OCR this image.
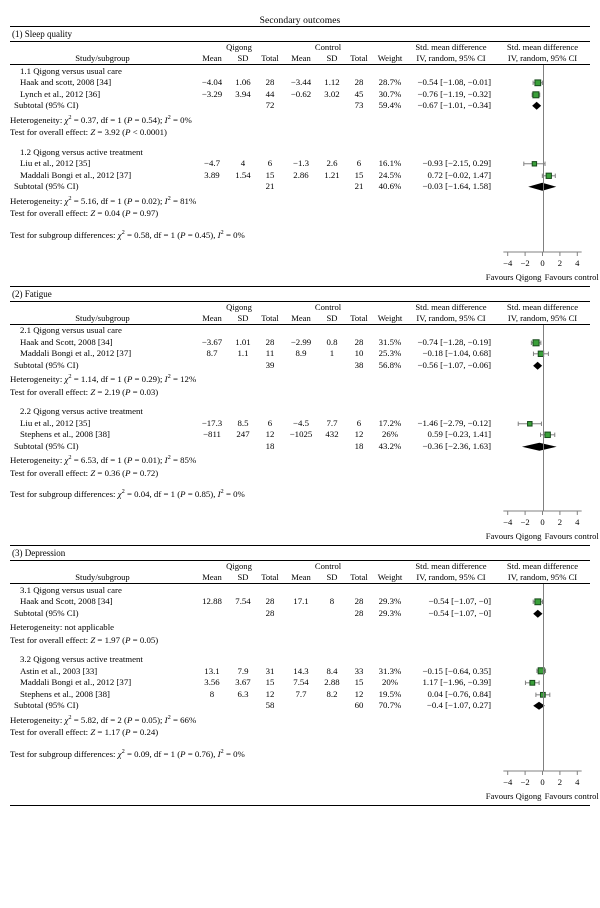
Secondary outcomes
(1) Sleep quality
Study/subgroup	Qigong			Control				Std. mean difference	Std. mean difference
	Mean	SD	Total	Mean	SD	Total	Weight	IV, random, 95% CI	IV, random, 95% CI
1.1 Qigong versus usual care	

Haak and scott, 2008 [34]	−4.04	1.06	28	−3.44	1.12	28	28.7%	−0.54 [−1.08, −0.01]	

Lynch et al., 2012 [36]	−3.29	3.94	44	−0.62	3.02	45	30.7%	−0.76 [−1.19, −0.32]	

Subtotal (95% CI)			72			73	59.4%	−0.67 [−1.01, −0.34]	

Heterogeneity: $\chi^2 = 0.37$, df = 1 (P = 0.54); $I^2 = 0\%$	

Test for overall effect: Z = 3.92 (P < 0.0001)	

1.2 Qigong versus active treatment	

Liu et al., 2012 [35]	−4.7	4	6	−1.3	2.6	6	16.1%	−0.93 [−2.15, 0.29]	

Maddali Bongi et al., 2012 [37]	3.89	1.54	15	2.86	1.21	15	24.5%	0.72 [−0.02, 1.47]	

Subtotal (95% CI)			21			21	40.6%	−0.03 [−1.64, 1.58]	

Heterogeneity: $\chi^2 = 5.16$, df = 1 (P = 0.02); $I^2 = 81\%$	

Test for overall effect: Z = 0.04 (P = 0.97)	

Test for subgroup differences: $\chi^2 = 0.58$, df = 1 (P = 0.45), $I^2 = 0\%$	

−4 −2 0 2 4
Favours Qigong Favours control
(2) Fatigue
Study/subgroup	Qigong			Control				Std. mean difference	Std. mean difference
	Mean	SD	Total	Mean	SD	Total	Weight	IV, random, 95% CI	IV, random, 95% CI
2.1 Qigong versus usual care	

Haak and Scott, 2008 [34]	−3.67	1.01	28	−2.99	0.8	28	31.5%	−0.74 [−1.28, −0.19]	

Maddali Bongi et al., 2012 [37]	8.7	1.1	11	8.9	1	10	25.3%	−0.18 [−1.04, 0.68]	

Subtotal (95% CI)			39			38	56.8%	−0.56 [−1.07, −0.06]	

Heterogeneity: $\chi^2 = 1.14$, df = 1 (P = 0.29); $I^2 = 12\%$	

Test for overall effect: Z = 2.19 (P = 0.03)	

2.2 Qigong versus active treatment	

Liu et al., 2012 [35]	−17.3	8.5	6	−4.5	7.7	6	17.2%	−1.46 [−2.79, −0.12]	

Stephens et al., 2008 [38]	−811	247	12	−1025	432	12	26%	0.59 [−0.23, 1.41]	

Subtotal (95% CI)			18			18	43.2%	−0.36 [−2.36, 1.63]	

Heterogeneity: $\chi^2 = 6.53$, df = 1 (P = 0.01); $I^2 = 85\%$	

Test for overall effect: Z = 0.36 (P = 0.72)	

Test for subgroup differences: $\chi^2 = 0.04$, df = 1 (P = 0.85), $I^2 = 0\%$	

−4 −2 0 2 4
Favours Qigong Favours control
(3) Depression
Study/subgroup	Qigong			Control				Std. mean difference	Std. mean difference
	Mean	SD	Total	Mean	SD	Total	Weight	IV, random, 95% CI	IV, random, 95% CI
3.1 Qigong versus usual care	

Haak and Scott, 2008 [34]	12.88	7.54	28	17.1	8	28	29.3%	−0.54 [−1.07, −0]	

Subtotal (95% CI)			28			28	29.3%	−0.54 [−1.07, −0]	

Heterogeneity: not applicable	

Test for overall effect: Z = 1.97 (P = 0.05)	

3.2 Qigong versus active treatment	

Astin et al., 2003 [33]	13.1	7.9	31	14.3	8.4	33	31.3%	−0.15 [−0.64, 0.35]	

Maddali Bongi et al., 2012 [37]	3.56	3.67	15	7.54	2.88	15	20%	1.17 [−1.96, −0.39]	

Stephens et al., 2008 [38]	8	6.3	12	7.7	8.2	12	19.5%	0.04 [−0.76, 0.84]	

Subtotal (95% CI)			58			60	70.7%	−0.4 [−1.07, 0.27]	

Heterogeneity: $\chi^2 = 5.82$, df = 2 (P = 0.05); $I^2 = 66\%$	

Test for overall effect: Z = 1.17 (P = 0.24)	

Test for subgroup differences: $\chi^2 = 0.09$, df = 1 (P = 0.76), $I^2 = 0\%$	

−4 −2 0 2 4
Favours Qigong Favours control
